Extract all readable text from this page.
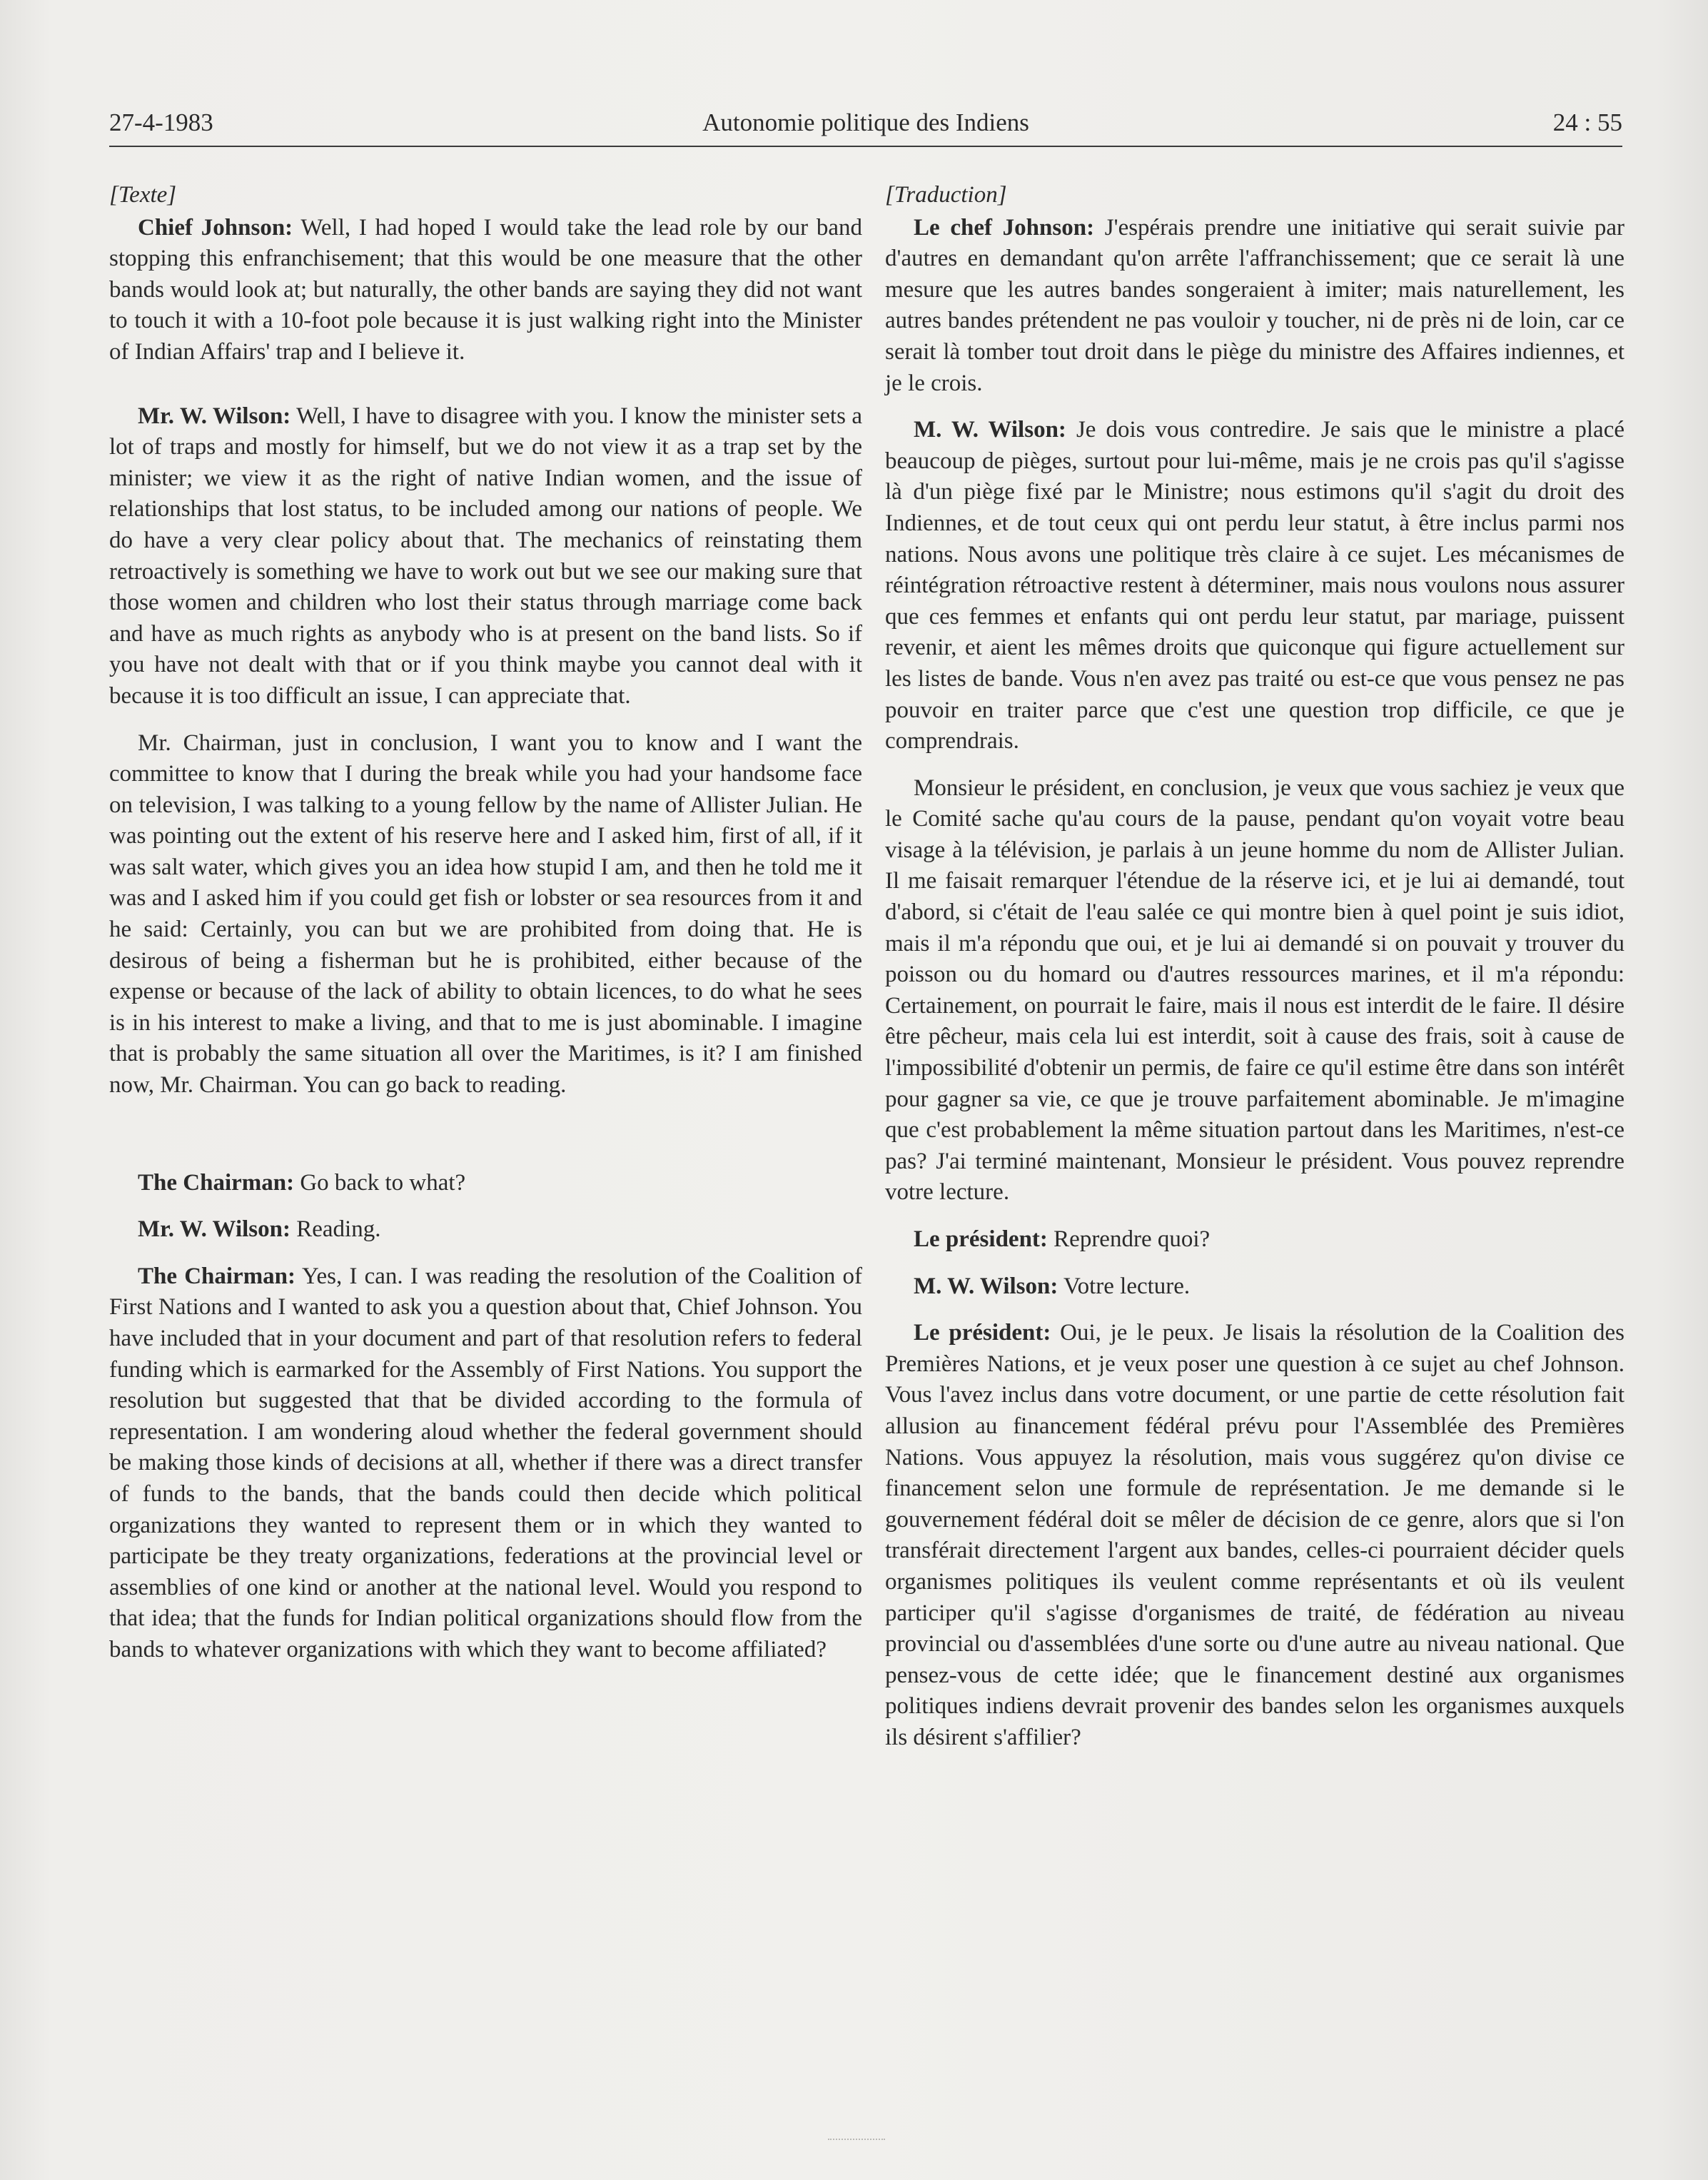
27-4-1983	Autonomie politique des Indiens	24 : 55

[Texte]

Chief Johnson: Well, I had hoped I would take the lead role by our band stopping this enfranchisement; that this would be one measure that the other bands would look at; but naturally, the other bands are saying they did not want to touch it with a 10-foot pole because it is just walking right into the Minister of Indian Affairs' trap and I believe it.

Mr. W. Wilson: Well, I have to disagree with you. I know the minister sets a lot of traps and mostly for himself, but we do not view it as a trap set by the minister; we view it as the right of native Indian women, and the issue of relationships that lost status, to be included among our nations of people. We do have a very clear policy about that. The mechanics of reinstating them retroactively is something we have to work out but we see our making sure that those women and children who lost their status through marriage come back and have as much rights as anybody who is at present on the band lists. So if you have not dealt with that or if you think maybe you cannot deal with it because it is too difficult an issue, I can appreciate that.

Mr. Chairman, just in conclusion, I want you to know and I want the committee to know that I during the break while you had your handsome face on television, I was talking to a young fellow by the name of Allister Julian. He was pointing out the extent of his reserve here and I asked him, first of all, if it was salt water, which gives you an idea how stupid I am, and then he told me it was and I asked him if you could get fish or lobster or sea resources from it and he said: Certainly, you can but we are prohibited from doing that. He is desirous of being a fisherman but he is prohibited, either because of the expense or because of the lack of ability to obtain licences, to do what he sees is in his interest to make a living, and that to me is just abominable. I imagine that is probably the same situation all over the Maritimes, is it? I am finished now, Mr. Chairman. You can go back to reading.

The Chairman: Go back to what?

Mr. W. Wilson: Reading.

The Chairman: Yes, I can. I was reading the resolution of the Coalition of First Nations and I wanted to ask you a question about that, Chief Johnson. You have included that in your document and part of that resolution refers to federal funding which is earmarked for the Assembly of First Nations. You support the resolution but suggested that that be divided according to the formula of representation. I am wondering aloud whether the federal government should be making those kinds of decisions at all, whether if there was a direct transfer of funds to the bands, that the bands could then decide which political organizations they wanted to represent them or in which they wanted to participate be they treaty organizations, federations at the provincial level or assemblies of one kind or another at the national level. Would you respond to that idea; that the funds for Indian political organizations should flow from the bands to whatever organizations with which they want to become affiliated?

[Traduction]

Le chef Johnson: J'espérais prendre une initiative qui serait suivie par d'autres en demandant qu'on arrête l'affranchissement; que ce serait là une mesure que les autres bandes songeraient à imiter; mais naturellement, les autres bandes prétendent ne pas vouloir y toucher, ni de près ni de loin, car ce serait là tomber tout droit dans le piège du ministre des Affaires indiennes, et je le crois.

M. W. Wilson: Je dois vous contredire. Je sais que le ministre a placé beaucoup de pièges, surtout pour lui-même, mais je ne crois pas qu'il s'agisse là d'un piège fixé par le Ministre; nous estimons qu'il s'agit du droit des Indiennes, et de tout ceux qui ont perdu leur statut, à être inclus parmi nos nations. Nous avons une politique très claire à ce sujet. Les mécanismes de réintégration rétroactive restent à déterminer, mais nous voulons nous assurer que ces femmes et enfants qui ont perdu leur statut, par mariage, puissent revenir, et aient les mêmes droits que quiconque qui figure actuellement sur les listes de bande. Vous n'en avez pas traité ou est-ce que vous pensez ne pas pouvoir en traiter parce que c'est une question trop difficile, ce que je comprendrais.

Monsieur le président, en conclusion, je veux que vous sachiez je veux que le Comité sache qu'au cours de la pause, pendant qu'on voyait votre beau visage à la télévision, je parlais à un jeune homme du nom de Allister Julian. Il me faisait remarquer l'étendue de la réserve ici, et je lui ai demandé, tout d'abord, si c'était de l'eau salée ce qui montre bien à quel point je suis idiot, mais il m'a répondu que oui, et je lui ai demandé si on pouvait y trouver du poisson ou du homard ou d'autres ressources marines, et il m'a répondu: Certainement, on pourrait le faire, mais il nous est interdit de le faire. Il désire être pêcheur, mais cela lui est interdit, soit à cause des frais, soit à cause de l'impossibilité d'obtenir un permis, de faire ce qu'il estime être dans son intérêt pour gagner sa vie, ce que je trouve parfaitement abominable. Je m'imagine que c'est probablement la même situation partout dans les Maritimes, n'est-ce pas? J'ai terminé maintenant, Monsieur le président. Vous pouvez reprendre votre lecture.

Le président: Reprendre quoi?

M. W. Wilson: Votre lecture.

Le président: Oui, je le peux. Je lisais la résolution de la Coalition des Premières Nations, et je veux poser une question à ce sujet au chef Johnson. Vous l'avez inclus dans votre document, or une partie de cette résolution fait allusion au financement fédéral prévu pour l'Assemblée des Premières Nations. Vous appuyez la résolution, mais vous suggérez qu'on divise ce financement selon une formule de représentation. Je me demande si le gouvernement fédéral doit se mêler de décision de ce genre, alors que si l'on transférait directement l'argent aux bandes, celles-ci pourraient décider quels organismes politiques ils veulent comme représentants et où ils veulent participer qu'il s'agisse d'organismes de traité, de fédération au niveau provincial ou d'assemblées d'une sorte ou d'une autre au niveau national. Que pensez-vous de cette idée; que le financement destiné aux organismes politiques indiens devrait provenir des bandes selon les organismes auxquels ils désirent s'affilier?
